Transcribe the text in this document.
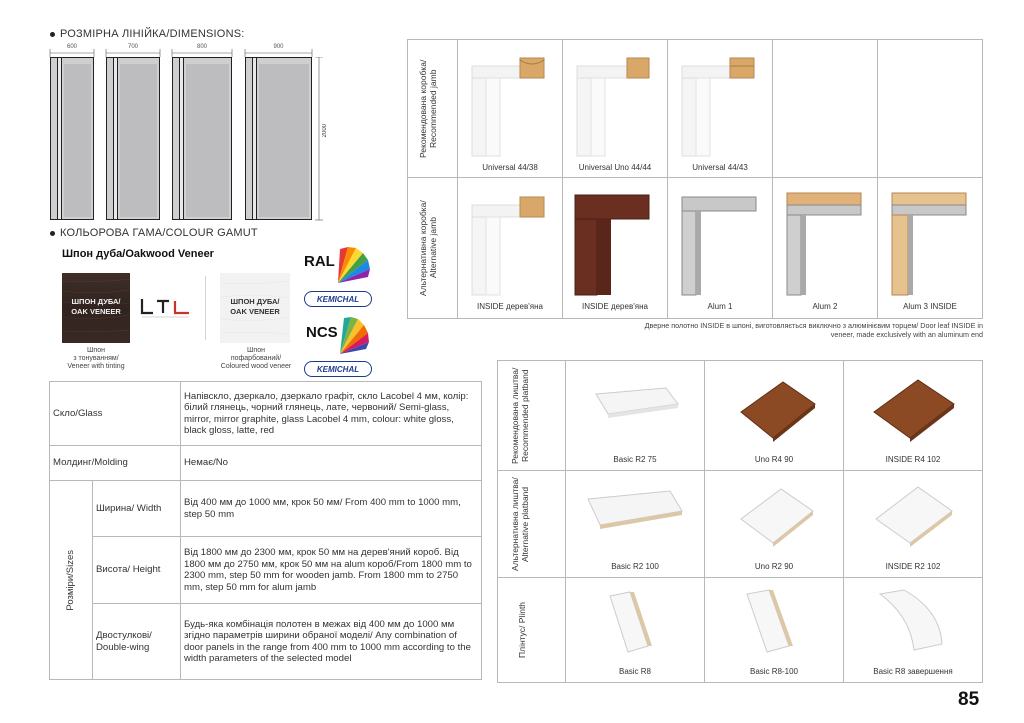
РОЗМІРНА ЛІНІЙКА/DIMENSIONS:
600	700	800	900
2000
КОЛЬОРОВА ГАМА/COLOUR GAMUT
Шпон дуба/Oakwood Veneer
ШПОН ДУБА/
OAK VENEER
Шпон
з тонуванням/
Veneer with tinting
ШПОН ДУБА/
OAK VENEER
Шпон
пофарбований/
Coloured wood veneer
RAL
KEMICHAL
NCS
KEMICHAL
Скло/Glass		Напівскло, дзеркало, дзеркало графіт, скло Lacobel 4 мм, колір: білий глянець, чорний глянець, лате, червоний/ Semi-glass, mirror, mirror graphite, glass Lacobel 4 mm, colour: white gloss, black gloss, latte, red
Молдинг/Molding		Немає/No

Розміри/Sizes	Ширина/ Width	Від 400 мм до 1000 мм, крок 50 мм/ From 400 mm to 1000 mm, step 50 mm
	Висота/ Height	Від 1800 мм до 2300 мм, крок 50 мм на дерев'яний короб. Від 1800 мм до 2750 мм, крок 50 мм на alum короб/From 1800 mm to 2300 mm, step 50 mm for wooden jamb. From 1800 mm to 2750 mm, step 50 mm for alum jamb
	Двостулкові/ Double-wing	Будь-яка комбінація полотен в межах від 400 мм до 1000 мм згідно параметрів ширини обраної моделі/ Any combination of door panels in the range from 400 mm to 1000 mm according to the width parameters of the selected model
Рекомендована коробка/ Recommended jamb	Universal 44/38	Universal Uno 44/44	Universal 44/43		

Альтернативна коробка/ Alternative jamb	INSIDE дерев'яна	INSIDE дерев'яна	Alum 1	Alum 2	Alum 3 INSIDE
Дверне полотно INSIDE в шпоні, виготовляється виключно з алюмінієвим торцем/ Door leaf INSIDE in veneer, made exclusively with an aluminum end
Рекомендована лиштва/ Recommended platband	Basic R2 75	Uno R4 90	INSIDE R4 102

Альтернативна лиштва/ Alternative platband	Basic R2 100	Uno R2 90	INSIDE R2 102

Плінтус/ Plinth	Basic R8	Basic R8-100	Basic R8 завершення
85
